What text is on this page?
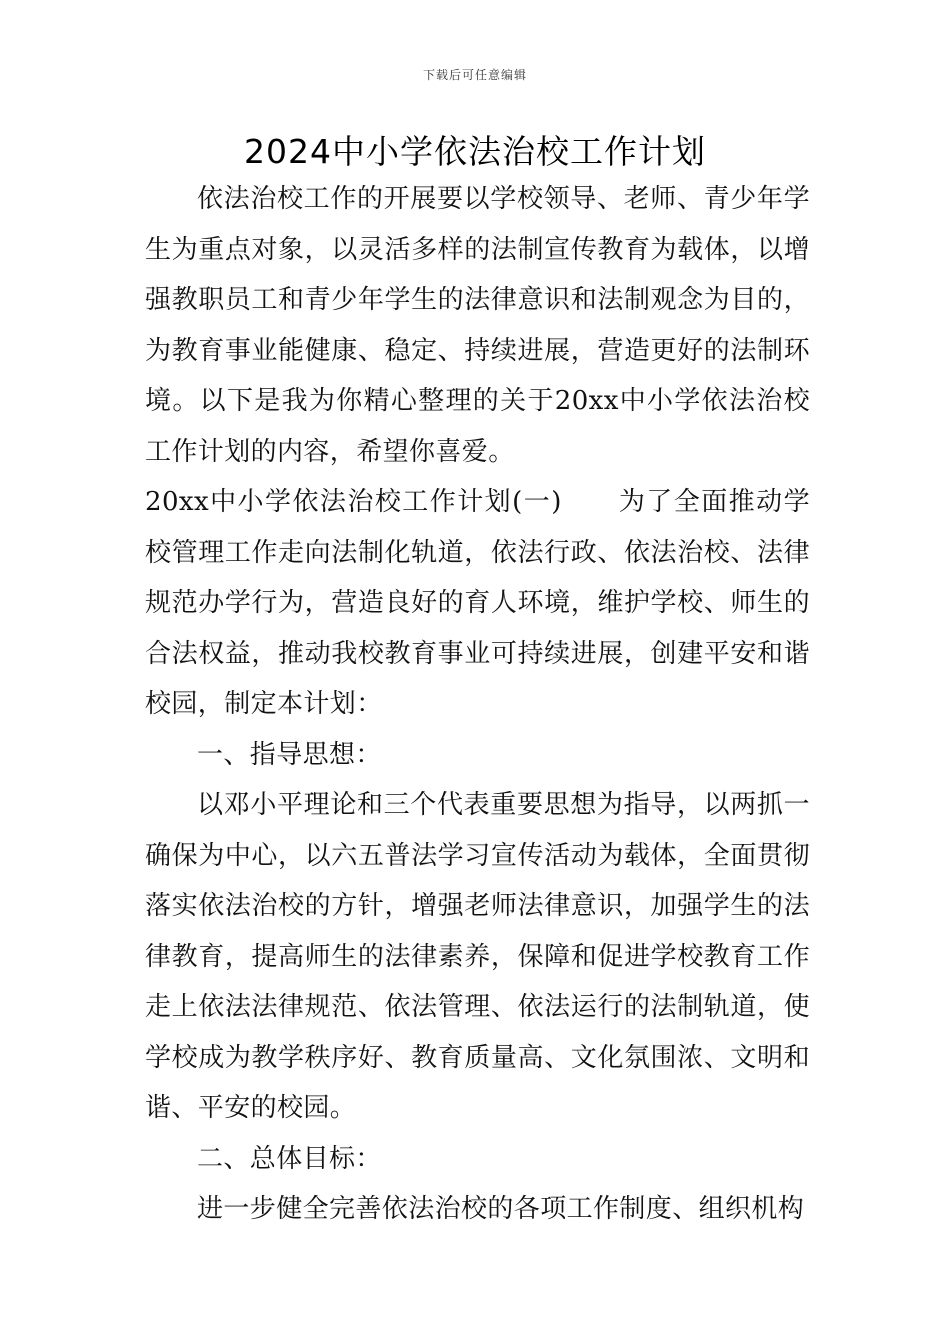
下载后可任意编辑
2024中小学依法治校工作计划

依法治校工作的开展要以学校领导、老师、青少年学生为重点对象，以灵活多样的法制宣传教育为载体，以增强教职员工和青少年学生的法律意识和法制观念为目的，为教育事业能健康、稳定、持续进展，营造更好的法制环境。以下是我为你精心整理的关于20xx中小学依法治校工作计划的内容，希望你喜爱。

20xx中小学依法治校工作计划(一) 为了全面推动学校管理工作走向法制化轨道，依法行政、依法治校、法律规范办学行为，营造良好的育人环境，维护学校、师生的合法权益，推动我校教育事业可持续进展，创建平安和谐校园，制定本计划：

一、指导思想：

以邓小平理论和三个代表重要思想为指导，以两抓一确保为中心，以六五普法学习宣传活动为载体，全面贯彻落实依法治校的方针，增强老师法律意识，加强学生的法律教育，提高师生的法律素养，保障和促进学校教育工作走上依法法律规范、依法管理、依法运行的法制轨道，使学校成为教学秩序好、教育质量高、文化氛围浓、文明和谐、平安的校园。

二、总体目标：

进一步健全完善依法治校的各项工作制度、组织机构
